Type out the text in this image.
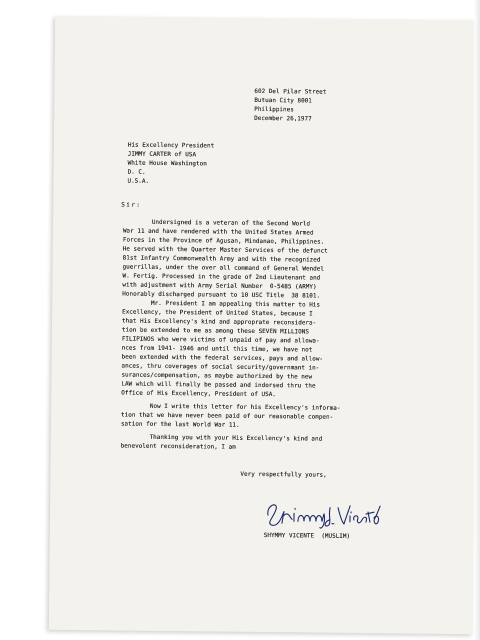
602 Del Pilar Street
Butuan City 8001
Philippines
December 26,1977
His Excellency President
JIMMY CARTER of USA
White House Washington
D. C.
U.S.A.
Sir:
Undersigned is a veteran of the Second World
War 11 and have rendered with the United States Armed
Forces in the Province of Agusan, Mindanao, Philippines.
He served with the Quarter Master Services of the defunct
81st Infantry Commonwealth Army and with the recognized
guerrillas, under the over all command of General Wendel
W. Fertig. Processed in the grade of 2nd Lieutenant and
with adjustment with Army Serial Number  0-5485 (ARMY)
Honorably discharged pursuant to 10 USC Title  38 8101.
Mr. President I am appealing this matter to His
Excellency, the President of United States, because I
that His Excellency's kind and approprate reconsidera-
tion be extended to me as among these SEVEN MILLIONS
FILIPINOS who were victims of unpaid of pay and allowa-
nces from 1941- 1946 and until this time, we have not
been extended with the federal services, pays and allow-
ances, thru coverages of social security/governmant in-
surances/compensation, as maybe authorized by the new
LAW which will finally be passed and indorsed thru the
Office of His Excellency, President of USA.
Now I write this letter for his Excellency's informa-
tion that we have never been paid of our reasonable compen-
sation for the last World War 11.
Thanking you with your His Excellency's kind and
benevolent reconsideration, I am
Very respectfully yours,
SHYMMY VICENTE  (MUSLIM)
